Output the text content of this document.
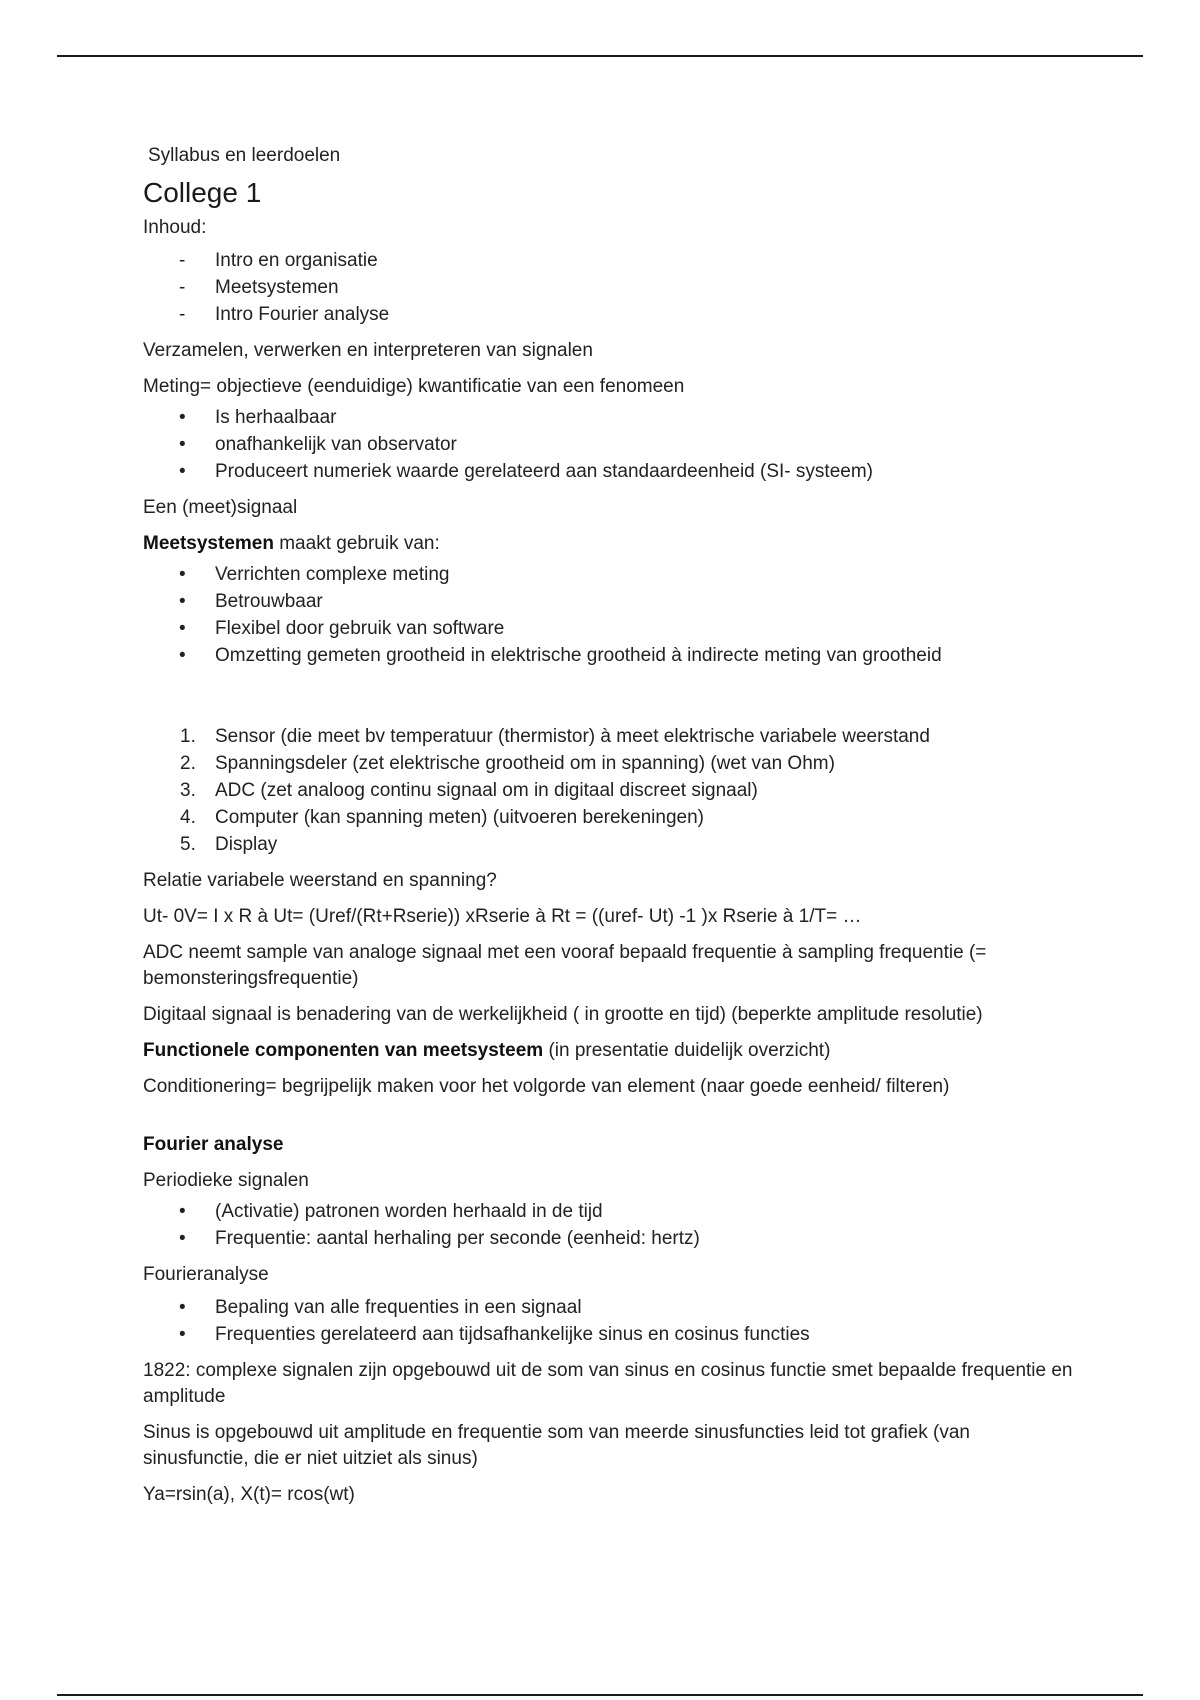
Syllabus en leerdoelen

College 1

Inhoud:

-	Intro en organisatie
-	Meetsystemen
-	Intro Fourier analyse

Verzamelen, verwerken en interpreteren van signalen

Meting= objectieve (eenduidige) kwantificatie van een fenomeen

•	Is herhaalbaar
•	onafhankelijk van observator
•	Produceert numeriek waarde gerelateerd aan standaardeenheid (SI- systeem)

Een (meet)signaal

Meetsystemen maakt gebruik van:

•	Verrichten complexe meting
•	Betrouwbaar
•	Flexibel door gebruik van software
•	Omzetting gemeten grootheid in elektrische grootheid à indirecte meting van grootheid
1.	Sensor (die meet bv temperatuur (thermistor) à meet elektrische variabele weerstand
2.	Spanningsdeler (zet elektrische grootheid om in spanning) (wet van Ohm)
3.	ADC (zet analoog continu signaal om in digitaal discreet signaal)
4.	Computer (kan spanning meten) (uitvoeren berekeningen)
5.	Display

Relatie variabele weerstand en spanning?

Ut- 0V= I x R à Ut= (Uref/(Rt+Rserie)) xRserie à Rt = ((uref- Ut) -1 )x Rserie à 1/T= …

ADC neemt sample van analoge signaal met een vooraf bepaald frequentie à sampling frequentie (= bemonsteringsfrequentie)

Digitaal signaal is benadering van de werkelijkheid ( in grootte en tijd) (beperkte amplitude resolutie)

Functionele componenten van meetsysteem (in presentatie duidelijk overzicht)

Conditionering= begrijpelijk maken voor het volgorde van element (naar goede eenheid/ filteren)

Fourier analyse

Periodieke signalen

•	(Activatie) patronen worden herhaald in de tijd
•	Frequentie: aantal herhaling per seconde (eenheid: hertz)

Fourieranalyse

•	Bepaling van alle frequenties in een signaal
•	Frequenties gerelateerd aan tijdsafhankelijke sinus en cosinus functies

1822: complexe signalen zijn opgebouwd uit de som van sinus en cosinus functie smet bepaalde frequentie en amplitude

Sinus is opgebouwd uit amplitude en frequentie som van meerde sinusfuncties leid tot grafiek (van sinusfunctie, die er niet uitziet als sinus)

Ya=rsin(a), X(t)= rcos(wt)
